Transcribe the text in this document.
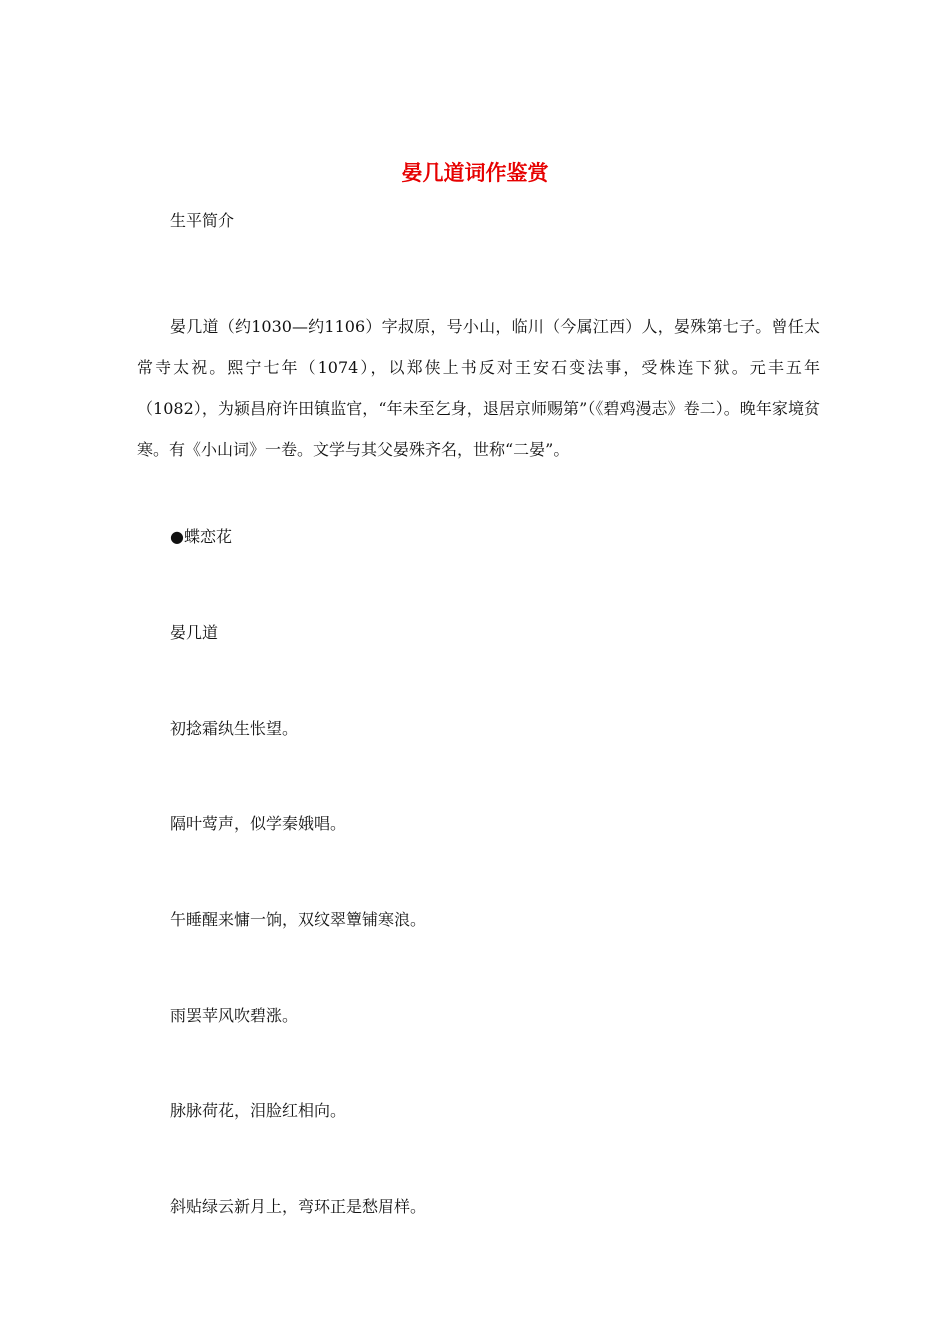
晏几道词作鉴赏

生平简介

晏几道（约1030—约1106）字叔原，号小山，临川（今属江西）人，晏殊第七子。曾任太常寺太祝。熙宁七年（1074），以郑侠上书反对王安石变法事，受株连下狱。元丰五年（1082），为颍昌府许田镇监官，“年未至乞身，退居京师赐第”（《碧鸡漫志》卷二）。晚年家境贫寒。有《小山词》一卷。文学与其父晏殊齐名，世称“二晏”。

●蝶恋花

晏几道

初捻霜纨生怅望。

隔叶莺声，似学秦娥唱。

午睡醒来慵一饷，双纹翠簟铺寒浪。

雨罢苹风吹碧涨。

脉脉荷花，泪脸红相向。

斜贴绿云新月上，弯环正是愁眉样。
